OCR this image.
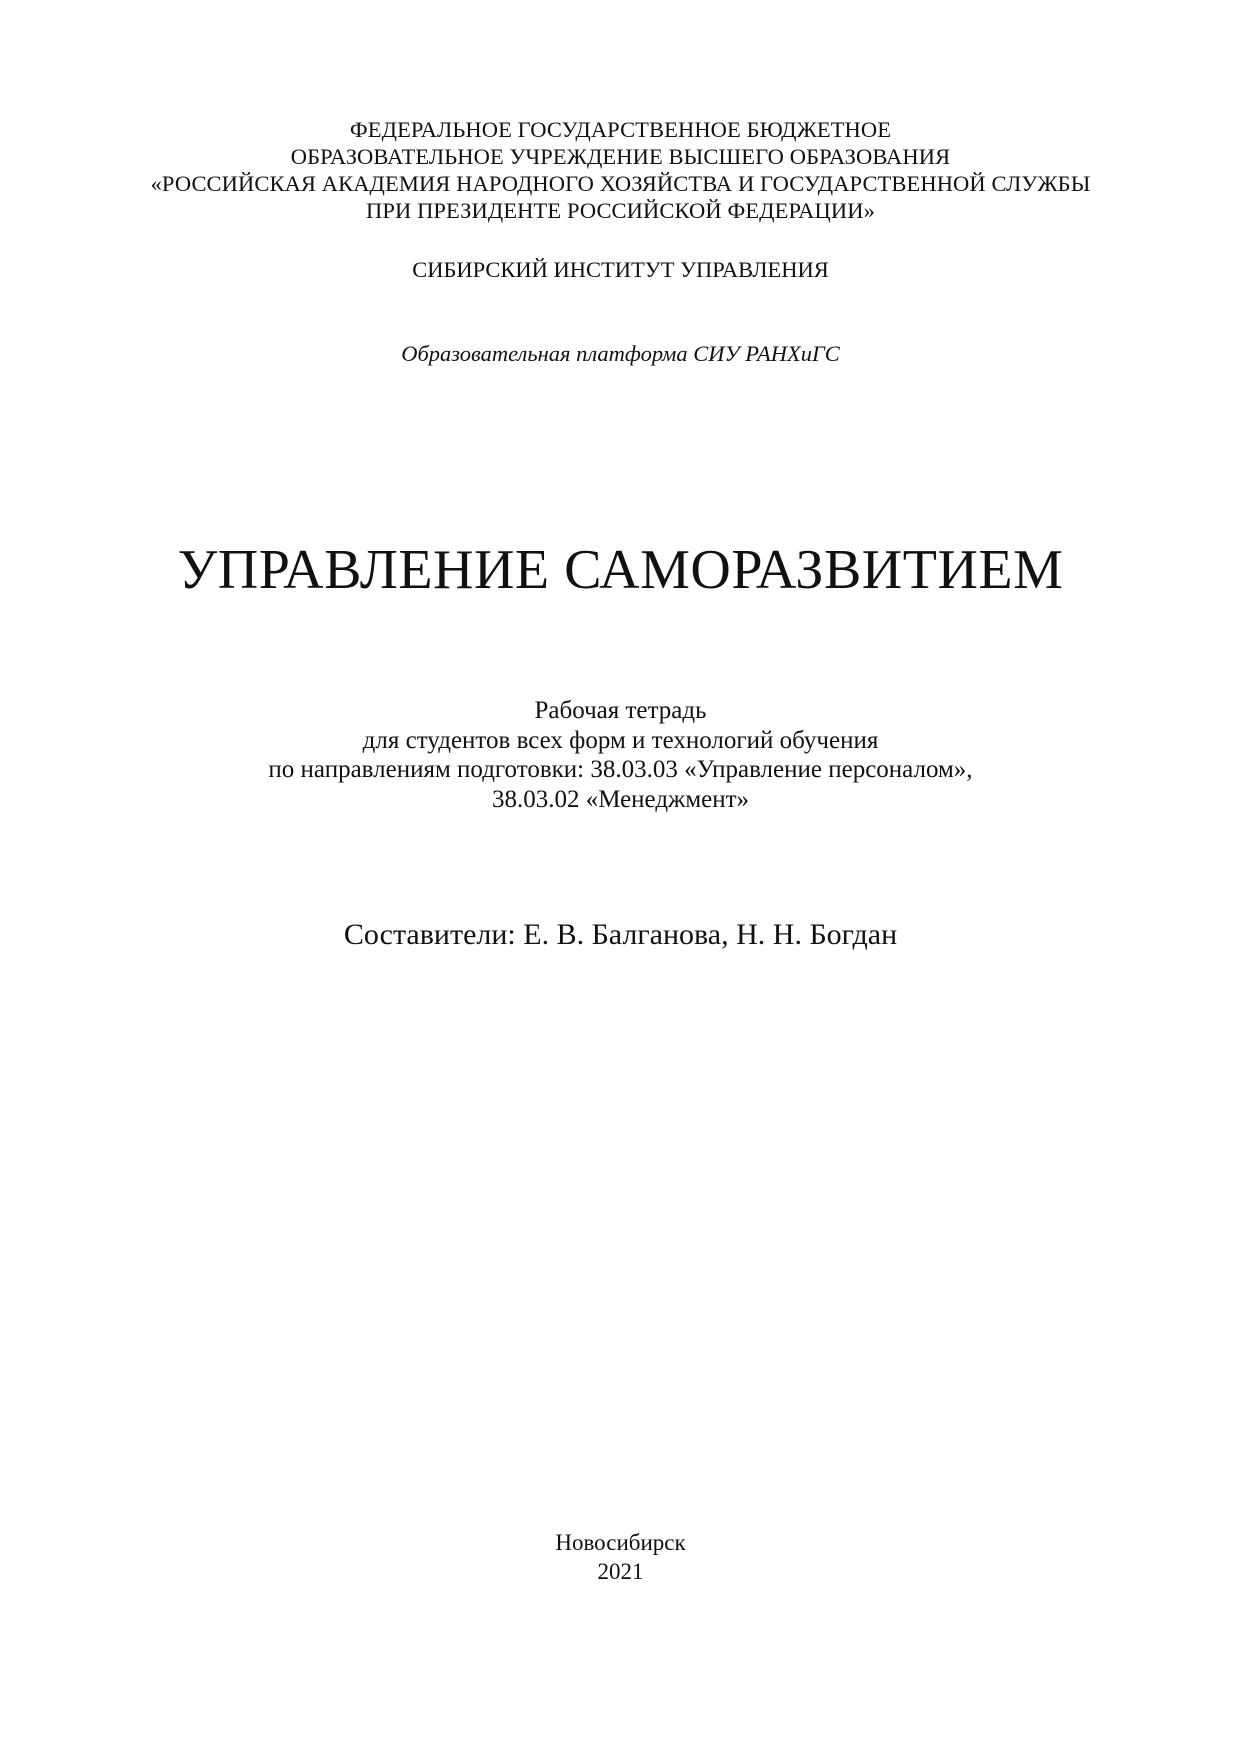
ФЕДЕРАЛЬНОЕ ГОСУДАРСТВЕННОЕ БЮДЖЕТНОЕ
ОБРАЗОВАТЕЛЬНОЕ УЧРЕЖДЕНИЕ ВЫСШЕГО ОБРАЗОВАНИЯ
«РОССИЙСКАЯ АКАДЕМИЯ НАРОДНОГО ХОЗЯЙСТВА И ГОСУДАРСТВЕННОЙ СЛУЖБЫ
ПРИ ПРЕЗИДЕНТЕ РОССИЙСКОЙ ФЕДЕРАЦИИ»
СИБИРСКИЙ ИНСТИТУТ УПРАВЛЕНИЯ
Образовательная платформа СИУ РАНХиГС
УПРАВЛЕНИЕ САМОРАЗВИТИЕМ
Рабочая тетрадь
для студентов всех форм и технологий обучения
по направлениям подготовки: 38.03.03 «Управление персоналом»,
38.03.02 «Менеджмент»
Составители: Е. В. Балганова, Н. Н. Богдан
Новосибирск
2021
